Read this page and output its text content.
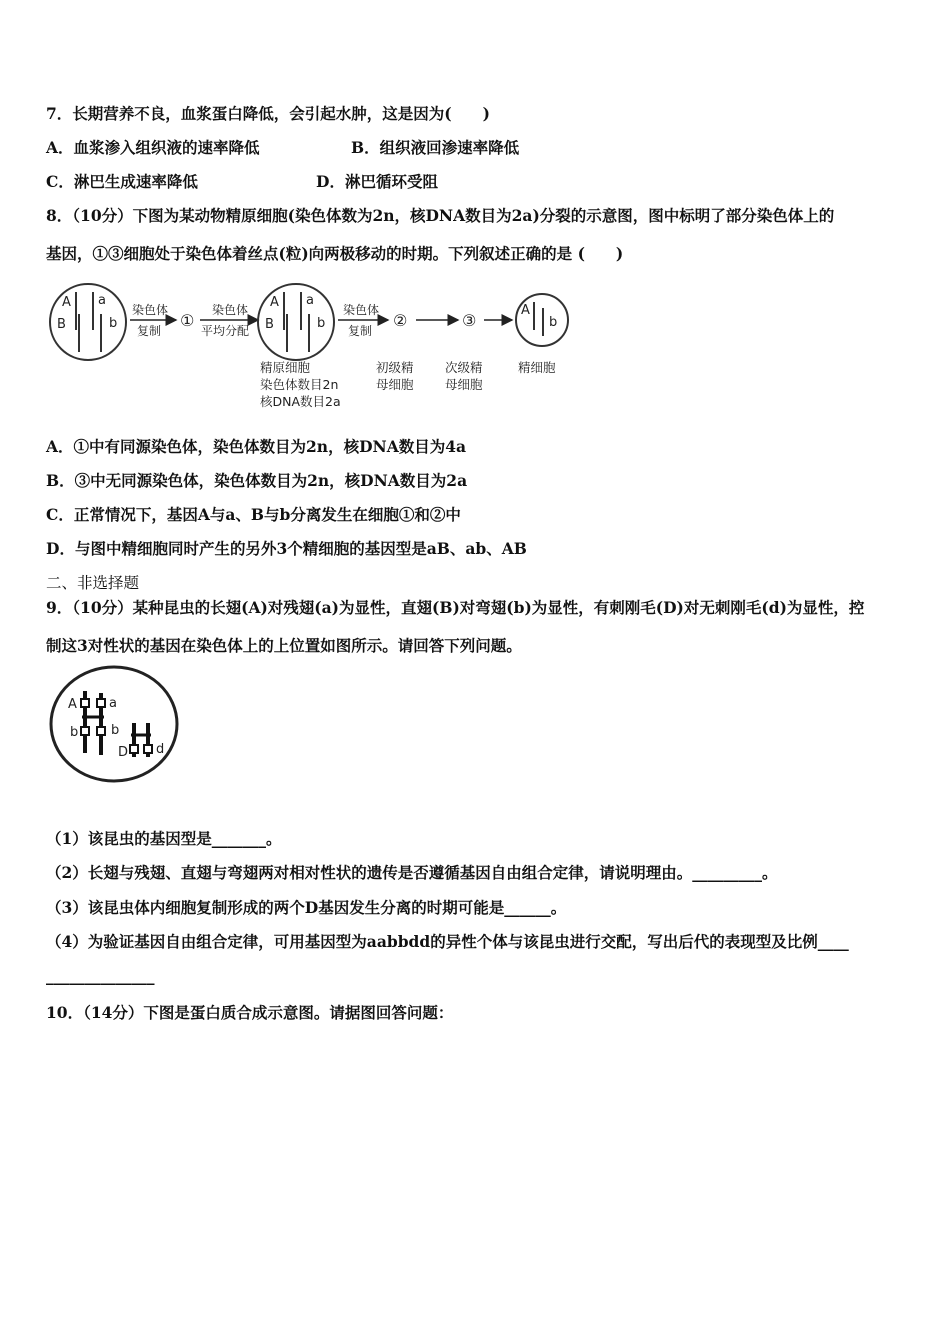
7．长期营养不良，血浆蛋白降低，会引起水肿，这是因为(　　)
A．血浆渗入组织液的速率降低	B．组织液回渗速率降低
C．淋巴生成速率降低	D．淋巴循环受阻
8．（10分）下图为某动物精原细胞(染色体数为2n，核DNA数目为2a)分裂的示意图，图中标明了部分染色体上的
基因，①③细胞处于染色体着丝点(粒)向两极移动的时期。下列叙述正确的是 (　　)
A a
B	b
染色体
复制
①
染色体
平均分配
A a
B	b
染色体
复制
②	③
A
b
精原细胞
染色体数目2n
核DNA数目2a
初级精
母细胞
次级精
母细胞
精细胞
A．①中有同源染色体，染色体数目为2n，核DNA数目为4a
B．③中无同源染色体，染色体数目为2n，核DNA数目为2a
C．正常情况下，基因A与a、B与b分离发生在细胞①和②中
D．与图中精细胞同时产生的另外3个精细胞的基因型是aB、ab、AB
二、非选择题
9．（10分）某种昆虫的长翅(A)对残翅(a)为显性，直翅(B)对弯翅(b)为显性，有刺刚毛(D)对无刺刚毛(d)为显性，控
制这3对性状的基因在染色体上的上位置如图所示。请回答下列问题。
A a
b	b
D d
（1）该昆虫的基因型是_______。
（2）长翅与残翅、直翅与弯翅两对相对性状的遗传是否遵循基因自由组合定律，请说明理由。_________。
（3）该昆虫体内细胞复制形成的两个D基因发生分离的时期可能是______。
（4）为验证基因自由组合定律，可用基因型为aabbdd的异性个体与该昆虫进行交配，写出后代的表现型及比例____
______________
10．（14分）下图是蛋白质合成示意图。请据图回答问题：
